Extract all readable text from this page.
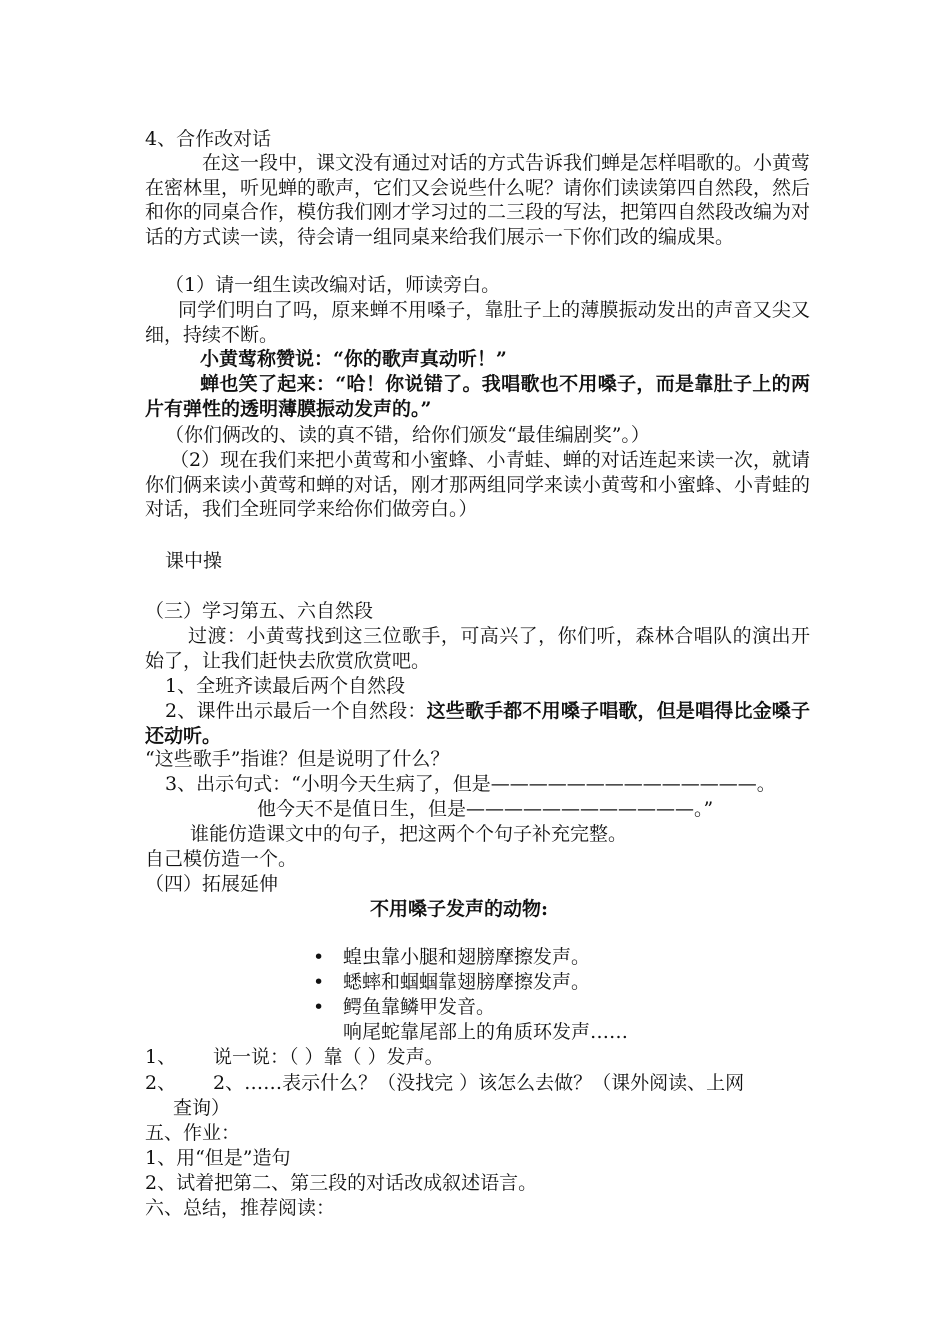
4、合作改对话
在这一段中，课文没有通过对话的方式告诉我们蝉是怎样唱歌的。小黄莺在密林里，听见蝉的歌声，它们又会说些什么呢？请你们读读第四自然段，然后和你的同桌合作，模仿我们刚才学习过的二三段的写法，把第四自然段改编为对话的方式读一读，待会请一组同桌来给我们展示一下你们改的编成果。
（1）请一组生读改编对话，师读旁白。
同学们明白了吗，原来蝉不用嗓子，靠肚子上的薄膜振动发出的声音又尖又细，持续不断。
小黄莺称赞说：“你的歌声真动听！”
蝉也笑了起来：“哈！你说错了。我唱歌也不用嗓子，而是靠肚子上的两片有弹性的透明薄膜振动发声的。”
（你们俩改的、读的真不错，给你们颁发“最佳编剧奖”。）
（2）现在我们来把小黄莺和小蜜蜂、小青蛙、蝉的对话连起来读一次，就请你们俩来读小黄莺和蝉的对话，刚才那两组同学来读小黄莺和小蜜蜂、小青蛙的对话，我们全班同学来给你们做旁白。）
课中操
（三）学习第五、六自然段
过渡：小黄莺找到这三位歌手，可高兴了，你们听，森林合唱队的演出开始了，让我们赶快去欣赏欣赏吧。
1、全班齐读最后两个自然段
2、课件出示最后一个自然段：这些歌手都不用嗓子唱歌，但是唱得比金嗓子还动听。
“这些歌手”指谁？但是说明了什么？
3、出示句式：“小明今天生病了，但是——————————————。
他今天不是值日生，但是————————————。”
谁能仿造课文中的句子，把这两个个句子补充完整。
自己模仿造一个。
（四）拓展延伸
不用嗓子发声的动物:
• 蝗虫靠小腿和翅膀摩擦发声。
• 蟋蟀和蝈蝈靠翅膀摩擦发声。
• 鳄鱼靠鳞甲发音。
响尾蛇靠尾部上的角质环发声……
1、 说一说：（ ）靠（ ）发声。
2、 2、……表示什么？（没找完 ）该怎么去做？（课外阅读、上网
查询）
五、作业：
1、用“但是”造句
2、试着把第二、第三段的对话改成叙述语言。
六、总结，推荐阅读：
